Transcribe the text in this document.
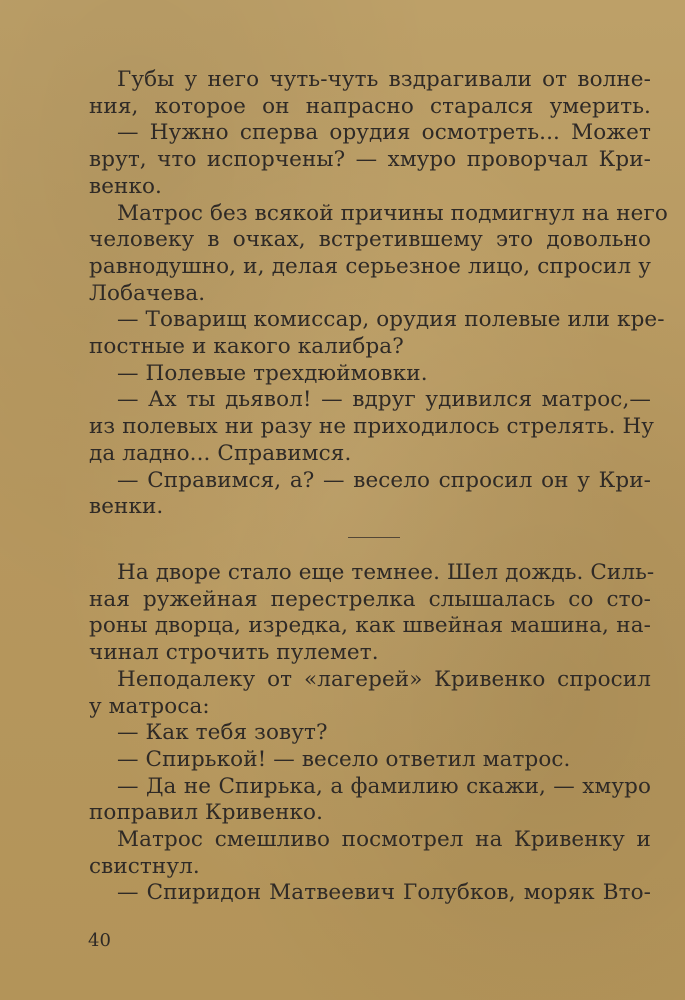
Губы у него чуть-чуть вздрагивали от волне-
ния, которое он напрасно старался умерить.
— Нужно сперва орудия осмотреть... Может
врут, что испорчены? — хмуро проворчал Кри-
венко.
Матрос без всякой причины подмигнул на него
человеку в очках, встретившему это довольно
равнодушно, и, делая серьезное лицо, спросил у
Лобачева.
— Товарищ комиссар, орудия полевые или кре-
постные и какого калибра?
— Полевые трехдюймовки.
— Ах ты дьявол! — вдруг удивился матрос,—
из полевых ни разу не приходилось стрелять. Ну
да ладно... Справимся.
— Справимся, а? — весело спросил он у Кри-
венки.
На дворе стало еще темнее. Шел дождь. Силь-
ная ружейная перестрелка слышалась со сто-
роны дворца, изредка, как швейная машина, на-
чинал строчить пулемет.
Неподалеку от «лагерей» Кривенко спросил
у матроса:
— Как тебя зовут?
— Спирькой! — весело ответил матрос.
— Да не Спирька, а фамилию скажи, — хмуро
поправил Кривенко.
Матрос смешливо посмотрел на Кривенку и
свистнул.
— Спиридон Матвеевич Голубков, моряк Вто-
40
